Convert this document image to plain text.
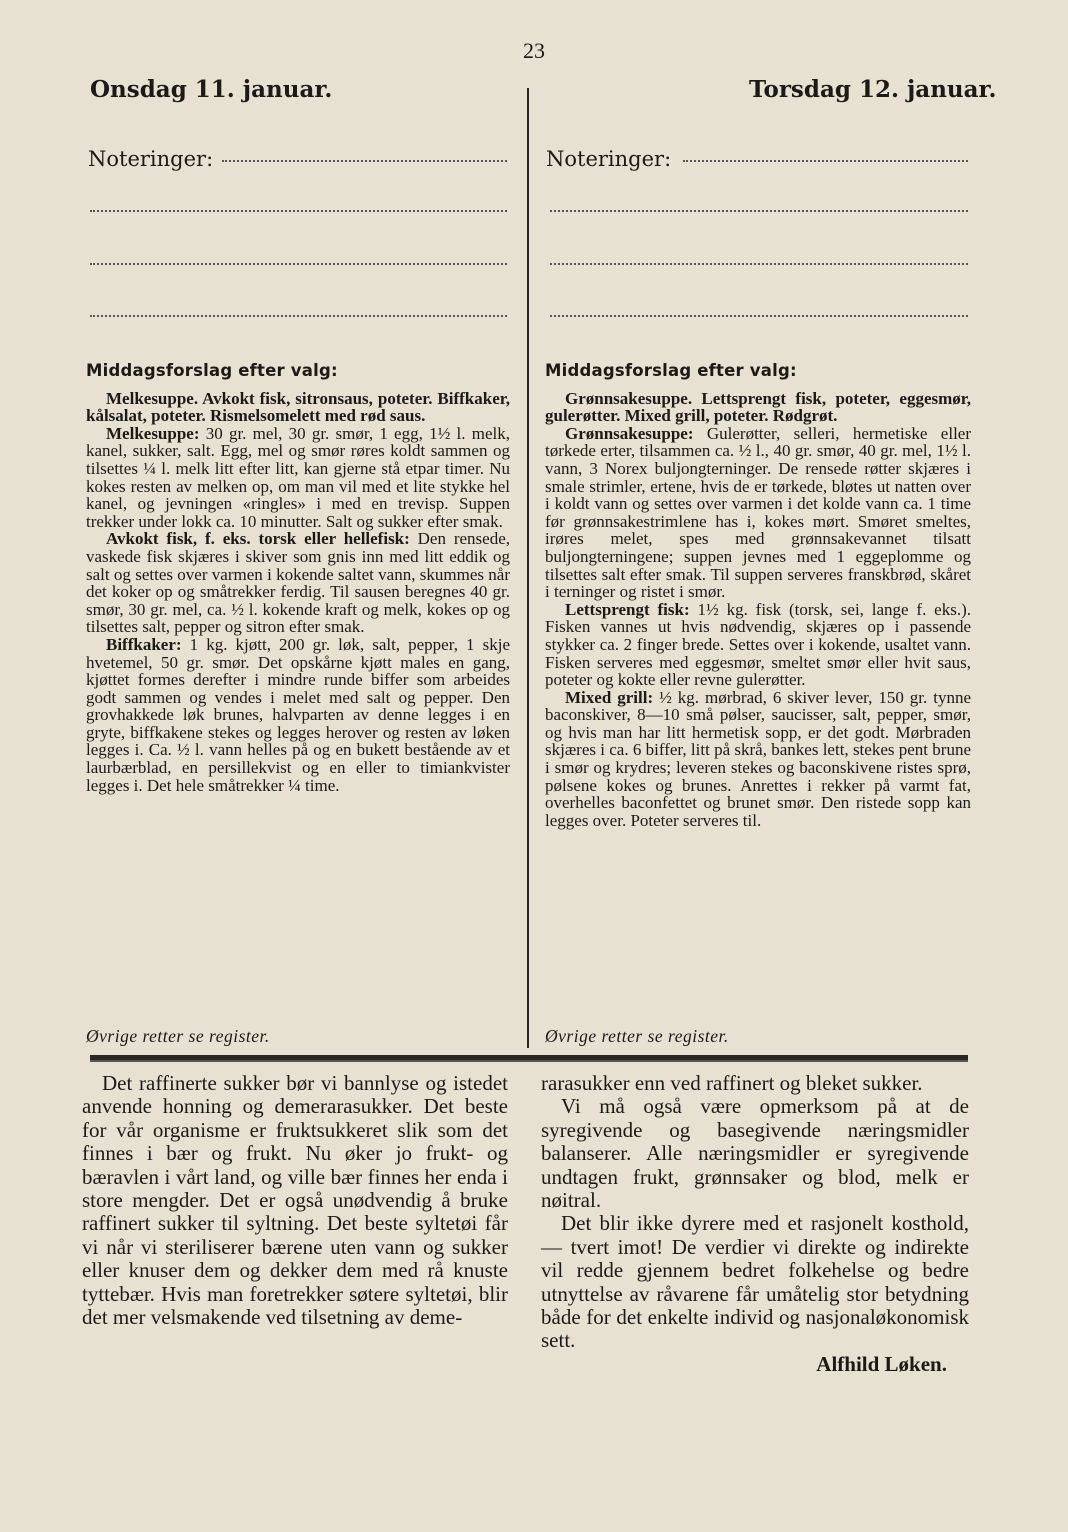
23
Onsdag 11. januar.	Torsdag 12. januar.
Noteringer:	Noteringer:

Middagsforslag efter valg:

Melkesuppe. Avkokt fisk, sitronsaus, poteter. Biffkaker, kålsalat, poteter. Rismelsomelett med rød saus.

Melkesuppe: 30 gr. mel, 30 gr. smør, 1 egg, 1½ l. melk, kanel, sukker, salt. Egg, mel og smør røres koldt sammen og tilsettes ¼ l. melk litt efter litt, kan gjerne stå etpar timer. Nu kokes resten av melken op, om man vil med et lite stykke hel kanel, og jevningen «ringles» i med en trevisp. Suppen trekker under lokk ca. 10 minutter. Salt og sukker efter smak.

Avkokt fisk, f. eks. torsk eller hellefisk: Den rensede, vaskede fisk skjæres i skiver som gnis inn med litt eddik og salt og settes over varmen i kokende saltet vann, skummes når det koker op og småtrekker ferdig. Til sausen beregnes 40 gr. smør, 30 gr. mel, ca. ½ l. kokende kraft og melk, kokes op og tilsettes salt, pepper og sitron efter smak.

Biffkaker: 1 kg. kjøtt, 200 gr. løk, salt, pepper, 1 skje hvetemel, 50 gr. smør. Det opskårne kjøtt males en gang, kjøttet formes derefter i mindre runde biffer som arbeides godt sammen og vendes i melet med salt og pepper. Den grovhakkede løk brunes, halvparten av denne legges i en gryte, biffkakene stekes og legges herover og resten av løken legges i. Ca. ½ l. vann helles på og en bukett bestående av et laurbærblad, en persillekvist og en eller to timiankvister legges i. Det hele småtrekker ¼ time.

Øvrige retter se register.

Middagsforslag efter valg:

Grønnsakesuppe. Lettsprengt fisk, poteter, eggesmør, gulerøtter. Mixed grill, poteter. Rødgrøt.

Grønnsakesuppe: Gulerøtter, selleri, hermetiske eller tørkede erter, tilsammen ca. ½ l., 40 gr. smør, 40 gr. mel, 1½ l. vann, 3 Norex buljongterninger. De rensede røtter skjæres i smale strimler, ertene, hvis de er tørkede, bløtes ut natten over i koldt vann og settes over varmen i det kolde vann ca. 1 time før grønnsakestrimlene has i, kokes mørt. Smøret smeltes, irøres melet, spes med grønnsakevannet tilsatt buljongterningene; suppen jevnes med 1 eggeplomme og tilsettes salt efter smak. Til suppen serveres franskbrød, skåret i terninger og ristet i smør.

Lettsprengt fisk: 1½ kg. fisk (torsk, sei, lange f. eks.). Fisken vannes ut hvis nødvendig, skjæres op i passende stykker ca. 2 finger brede. Settes over i kokende, usaltet vann. Fisken serveres med eggesmør, smeltet smør eller hvit saus, poteter og kokte eller revne gulerøtter.

Mixed grill: ½ kg. mørbrad, 6 skiver lever, 150 gr. tynne baconskiver, 8—10 små pølser, saucisser, salt, pepper, smør, og hvis man har litt hermetisk sopp, er det godt. Mørbraden skjæres i ca. 6 biffer, litt på skrå, bankes lett, stekes pent brune i smør og krydres; leveren stekes og baconskivene ristes sprø, pølsene kokes og brunes. Anrettes i rekker på varmt fat, overhelles baconfettet og brunet smør. Den ristede sopp kan legges over. Poteter serveres til.

Øvrige retter se register.

Det raffinerte sukker bør vi bannlyse og istedet anvende honning og demerarasukker. Det beste for vår organisme er fruktsukkeret slik som det finnes i bær og frukt. Nu øker jo frukt- og bæravlen i vårt land, og ville bær finnes her enda i store mengder. Det er også unødvendig å bruke raffinert sukker til syltning. Det beste syltetøi får vi når vi steriliserer bærene uten vann og sukker eller knuser dem og dekker dem med rå knuste tyttebær. Hvis man foretrekker søtere syltetøi, blir det mer velsmakende ved tilsetning av deme-

rarasukker enn ved raffinert og bleket sukker.

Vi må også være opmerksom på at de syregivende og basegivende næringsmidler balanserer. Alle næringsmidler er syregivende undtagen frukt, grønnsaker og blod, melk er nøitral.

Det blir ikke dyrere med et rasjonelt kosthold, — tvert imot! De verdier vi direkte og indirekte vil redde gjennem bedret folkehelse og bedre utnyttelse av råvarene får umåtelig stor betydning både for det enkelte individ og nasjonaløkonomisk sett.

Alfhild Løken.
